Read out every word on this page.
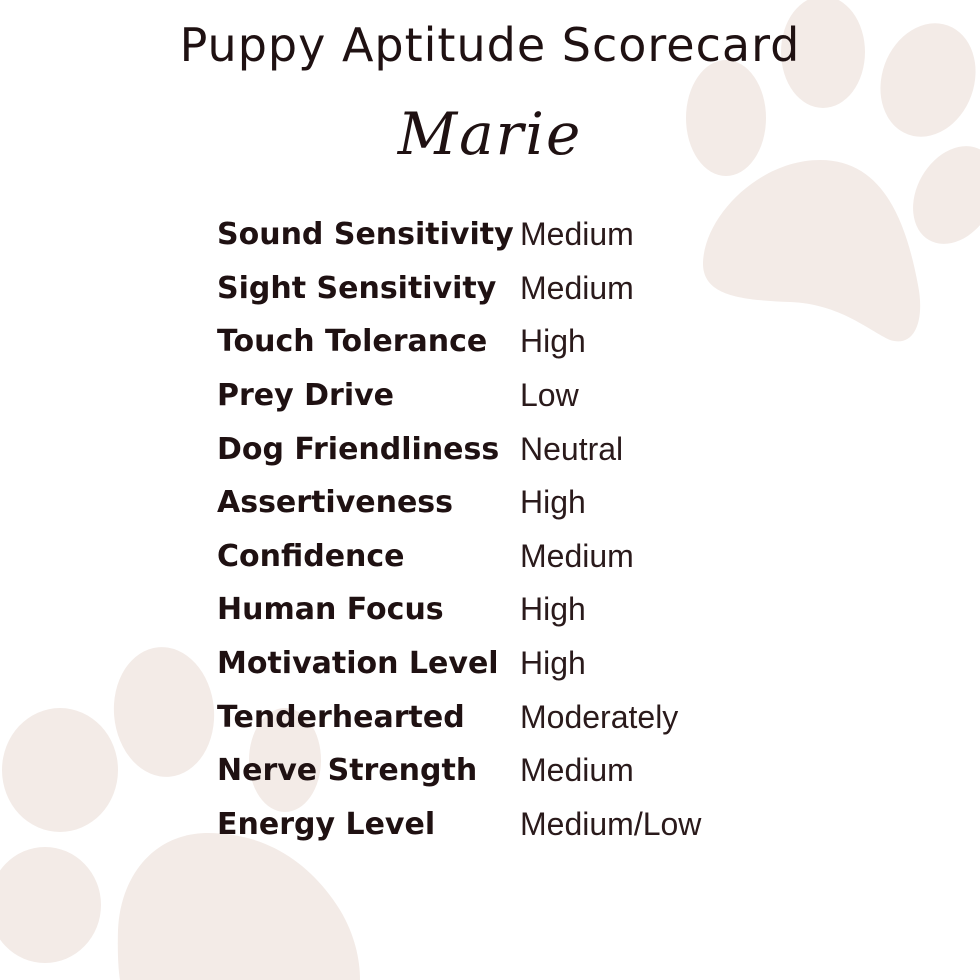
Puppy Aptitude Scorecard
Marie
Sound Sensitivity Medium
Sight Sensitivity Medium
Touch Tolerance	High
Prey Drive	Low
Dog Friendliness Neutral
Assertiveness	High
Confidence	Medium
Human Focus	High
Motivation Level High
Tenderhearted	Moderately
Nerve Strength	Medium
Energy Level	Medium/Low
